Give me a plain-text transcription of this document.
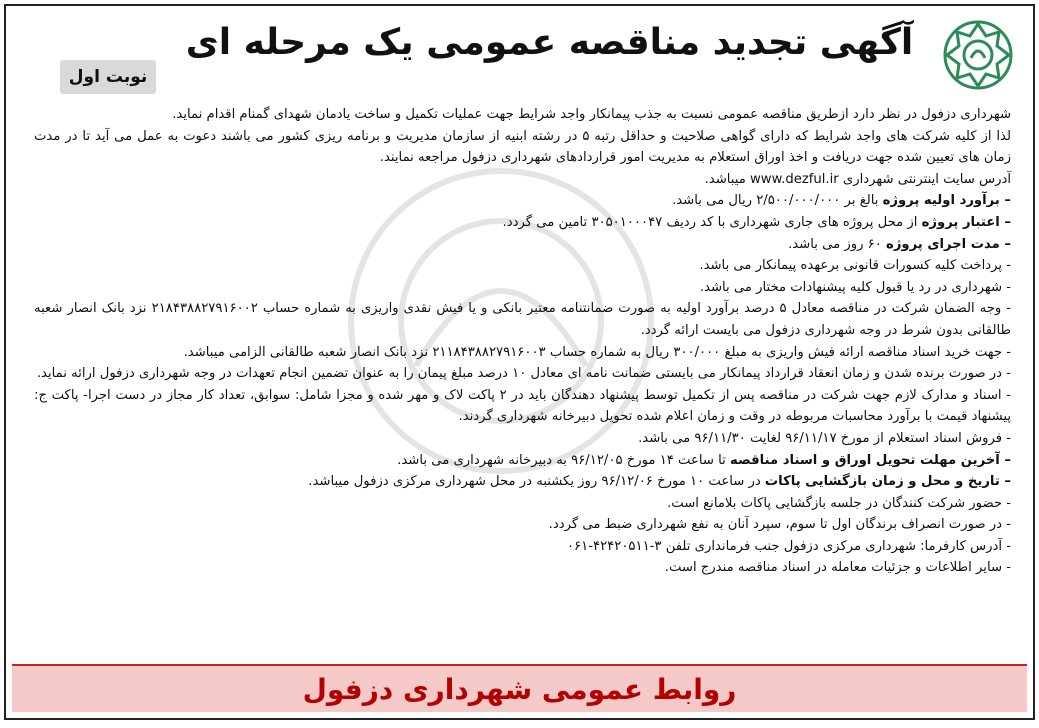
آگهی تجدید مناقصه عمومی یک مرحله ای
نوبت اول

شهرداری دزفول در نظر دارد ازطریق مناقصه عمومی نسبت به جذب پیمانکار واجد شرایط جهت عملیات تکمیل و ساخت یادمان شهدای گمنام اقدام نماید.

لذا از کلیه شرکت های واجد شرایط که دارای گواهی صلاحیت و حداقل رتبه ۵ در رشته ابنیه از سازمان مدیریت و برنامه ریزی کشور می باشند دعوت به عمل می آید تا در مدت زمان های تعیین شده جهت دریافت و اخذ اوراق استعلام به مدیریت امور قراردادهای شهرداری دزفول مراجعه نمایند.

آدرس سایت اینترنتی شهرداری www.dezful.ir میباشد.

– برآورد اولیه پروژه بالغ بر ۲/۵۰۰/۰۰۰/۰۰۰ ریال می باشد.

– اعتبار پروژه از محل پروژه های جاری شهرداری با کد ردیف ۳۰۵۰۱۰۰۰۴۷ تامین می گردد.

– مدت اجرای پروژه ۶۰ روز می باشد.

- پرداخت کلیه کسورات قانونی برعهده پیمانکار می باشد.

- شهرداری در رد یا قبول کلیه پیشنهادات مختار می باشد.

- وجه الضمان شرکت در مناقصه معادل ۵ درصد برآورد اولیه به صورت ضمانتنامه معتبر بانکی و یا فیش نقدی واریزی به شماره حساب ۲۱۸۴۳۸۸۲۷۹۱۶۰۰۲ نزد بانک انصار شعبه طالقانی بدون شرط در وجه شهرداری دزفول می بایست ارائه گردد.

- جهت خرید اسناد مناقصه ارائه فیش واریزی به مبلغ ۳۰۰/۰۰۰ ریال به شماره حساب ۲۱۱۸۴۳۸۸۲۷۹۱۶۰۰۳ نزد بانک انصار شعبه طالقانی الزامی میباشد.

- در صورت برنده شدن و زمان انعقاد قرارداد پیمانکار می بایستی ضمانت نامه ای معادل ۱۰ درصد مبلغ پیمان را به عنوان تضمین انجام تعهدات در وجه شهرداری دزفول ارائه نماید.

- اسناد و مدارک لازم جهت شرکت در مناقصه پس از تکمیل توسط پیشنهاد دهندگان باید در ۲ پاکت لاک و مهر شده و مجزا شامل: سوابق، تعداد کار مجاز در دست اجرا- پاکت ج: پیشنهاد قیمت با برآورد محاسبات مربوطه در وقت و زمان اعلام شده تحویل دبیرخانه شهرداری گردند.

- فروش اسناد استعلام از مورخ ۹۶/۱۱/۱۷ لغایت ۹۶/۱۱/۳۰ می باشد.

– آخرین مهلت تحویل اوراق و اسناد مناقصه تا ساعت ۱۴ مورخ ۹۶/۱۲/۰۵ به دبیرخانه شهرداری می باشد.

– تاریخ و محل و زمان بازگشایی پاکات در ساعت ۱۰ مورخ ۹۶/۱۲/۰۶ روز یکشنبه در محل شهرداری مرکزی دزفول میباشد.

- حضور شرکت کنندگان در جلسه بازگشایی پاکات بلامانع است.

- در صورت انصراف برندگان اول تا سوم، سپرد آنان به نفع شهرداری ضبط می گردد.

- آدرس کارفرما: شهرداری مرکزی دزفول جنب فرمانداری تلفن ۳-۴۲۴۲۰۵۱۱-۰۶۱

- سایر اطلاعات و جزئیات معامله در اسناد مناقصه مندرج است.

روابط عمومی شهرداری دزفول
